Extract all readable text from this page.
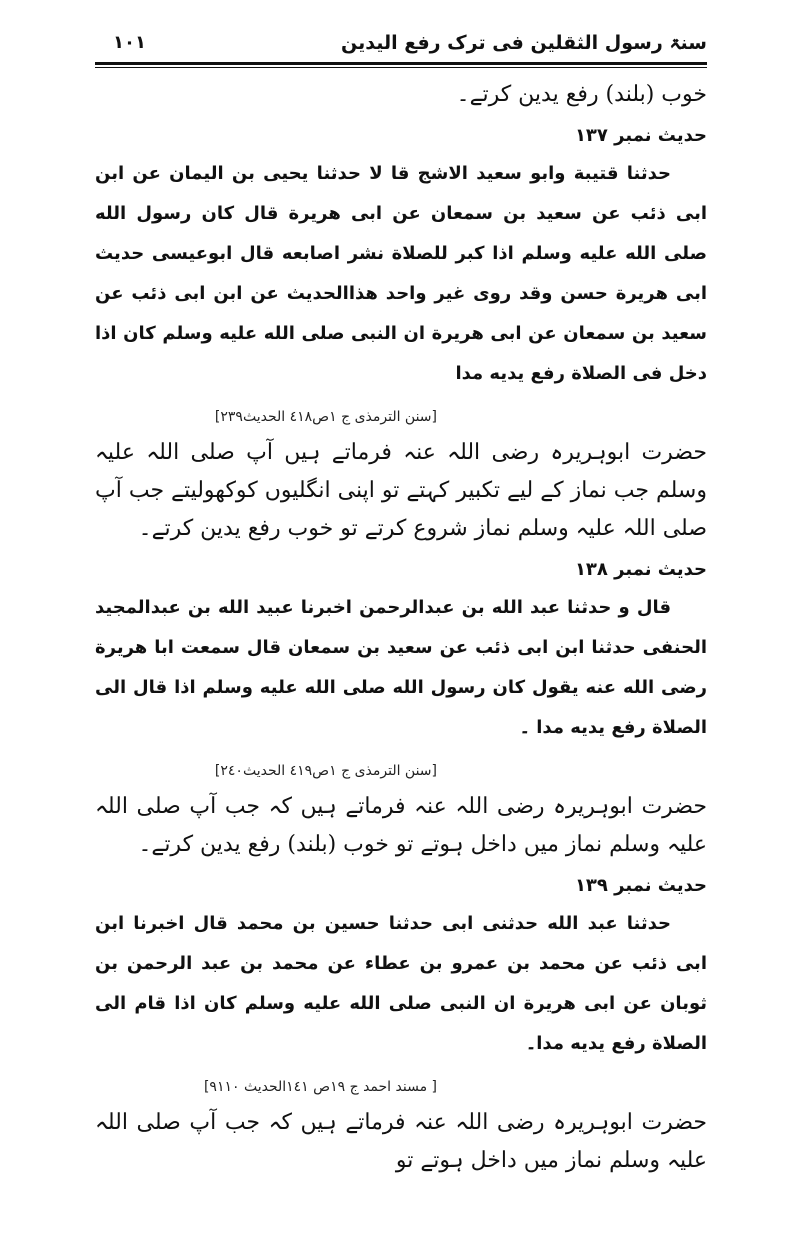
سنۃ رسول الثقلین فی ترک رفع الیدین
١٠١

خوب (بلند) رفع یدین کرتے۔

حدیث نمبر ١٣٧

حدثنا قتيبة وابو سعيد الاشج قا لا حدثنا يحيى بن اليمان عن ابن ابى ذئب عن سعيد بن سمعان عن ابى هريرة قال كان رسول الله صلى الله عليه وسلم اذا كبر للصلاة نشر اصابعه قال ابوعيسى حديث ابى هريرة حسن وقد روى غير واحد هذاالحديث عن ابن ابى ذئب عن سعيد بن سمعان عن ابى هريرة ان النبى صلى الله عليه وسلم كان اذا دخل فى الصلاة رفع يديه مدا

[سنن الترمذی ج ١ص٤١٨ الحدیث٢٣٩]

حضرت ابوہریرہ رضی اللہ عنہ فرماتے ہیں آپ صلی اللہ علیہ وسلم جب نماز کے لیے تکبیر کہتے تو اپنی انگلیوں کوکھولیتے جب آپ صلی اللہ علیہ وسلم نماز شروع کرتے تو خوب رفع یدین کرتے۔

حدیث نمبر ١٣٨

قال و حدثنا عبد الله بن عبدالرحمن اخبرنا عبيد الله بن عبدالمجيد الحنفى حدثنا ابن ابى ذئب عن سعيد بن سمعان قال سمعت ابا هريرة رضی الله عنه يقول كان رسول الله صلى الله عليه وسلم اذا قال الى الصلاة رفع يديه مدا ۔

[سنن الترمذی ج ١ص٤١٩ الحدیث٢٤٠]

حضرت ابوہریرہ رضی اللہ عنہ فرماتے ہیں کہ جب آپ صلی اللہ علیہ وسلم نماز میں داخل ہوتے تو خوب (بلند) رفع یدین کرتے۔

حدیث نمبر ١٣٩

حدثنا عبد الله حدثنى ابى حدثنا حسين بن محمد قال اخبرنا ابن ابى ذئب عن محمد بن عمرو بن عطاء عن محمد بن عبد الرحمن بن ثوبان عن ابى هريرة ان النبى صلى الله عليه وسلم كان اذا قام الى الصلاة رفع يديه مدا۔

[ مسند احمد ج ١٩ص ١٤١الحدیث ٩١١٠]

حضرت ابوہریرہ رضی اللہ عنہ فرماتے ہیں کہ جب آپ صلی اللہ علیہ وسلم نماز میں داخل ہوتے تو
